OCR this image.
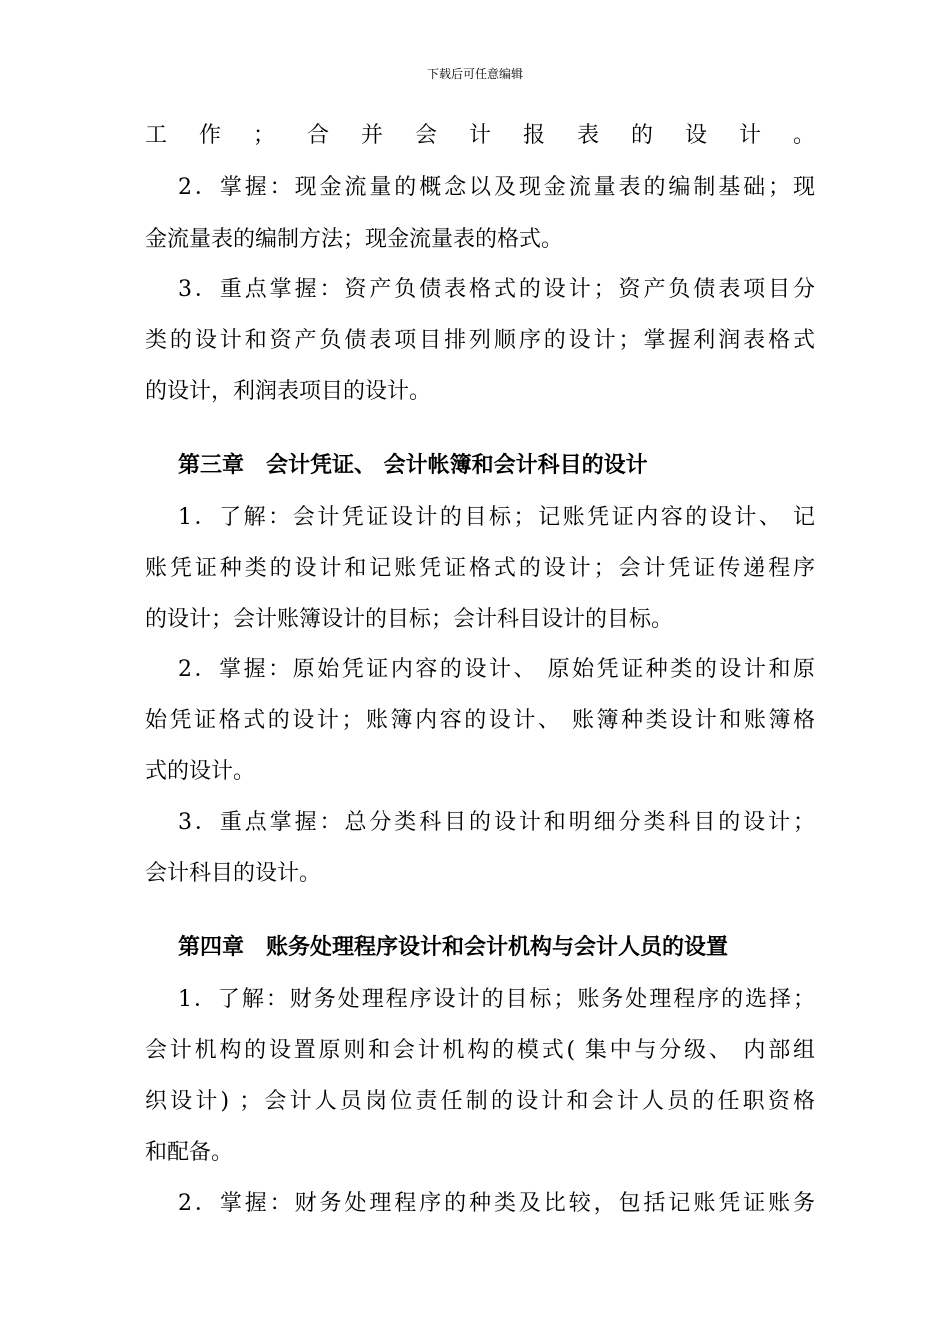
下载后可任意编辑
工作；合并会计报表的设计。
2．掌握：现金流量的概念以及现金流量表的编制基础；现
金流量表的编制方法；现金流量表的格式。
3．重点掌握：资产负债表格式的设计；资产负债表项目分
类的设计和资产负债表项目排列顺序的设计；掌握利润表格式
的设计，利润表项目的设计。
第三章　会计凭证、 会计帐簿和会计科目的设计
1．了解：会计凭证设计的目标；记账凭证内容的设计、 记
账凭证种类的设计和记账凭证格式的设计；会计凭证传递程序
的设计；会计账簿设计的目标；会计科目设计的目标。
2．掌握：原始凭证内容的设计、 原始凭证种类的设计和原
始凭证格式的设计；账簿内容的设计、 账簿种类设计和账簿格
式的设计。
3．重点掌握：总分类科目的设计和明细分类科目的设计；
会计科目的设计。
第四章　账务处理程序设计和会计机构与会计人员的设置
1．了解：财务处理程序设计的目标；账务处理程序的选择；
会计机构的设置原则和会计机构的模式( 集中与分级、 内部组
织设计) ；会计人员岗位责任制的设计和会计人员的任职资格
和配备。
2．掌握：财务处理程序的种类及比较，包括记账凭证账务
